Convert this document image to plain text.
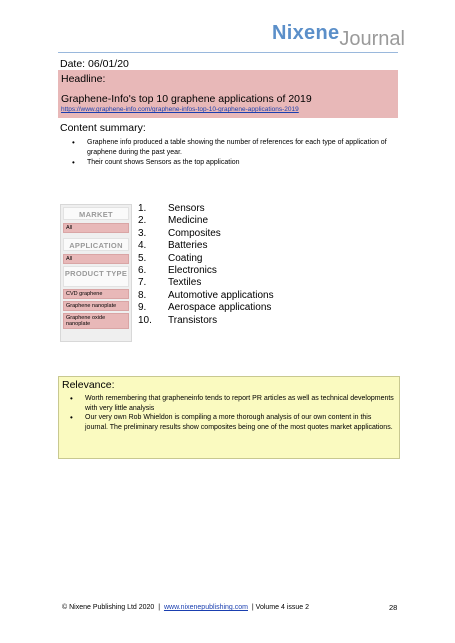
NixeneJournal
Date: 06/01/20
Headline:
Graphene-Info's top 10 graphene applications of 2019
https://www.graphene-info.com/graphene-infos-top-10-graphene-applications-2019
Content summary:
• Graphene info produced a table showing the number of references for each type of application of graphene during the past year.
• Their count shows Sensors as the top application
MARKET
All
APPLICATION
All
PRODUCT TYPE
CVD graphene
Graphene nanoplate
Graphene oxide nanoplate
1. Sensors
2. Medicine
3. Composites
4. Batteries
5. Coating
6. Electronics
7. Textiles
8. Automotive applications
9. Aerospace applications
10. Transistors
Relevance:
• Worth remembering that grapheneinfo tends to report PR articles as well as technical developments with very little analysis
• Our very own Rob Whieldon is compiling a more thorough analysis of our own content in this journal. The preliminary results show composites being one of the most quotes market applications.
© Nixene Publishing Ltd 2020 | www.nixenepublishing.com | Volume 4 issue 2	28
